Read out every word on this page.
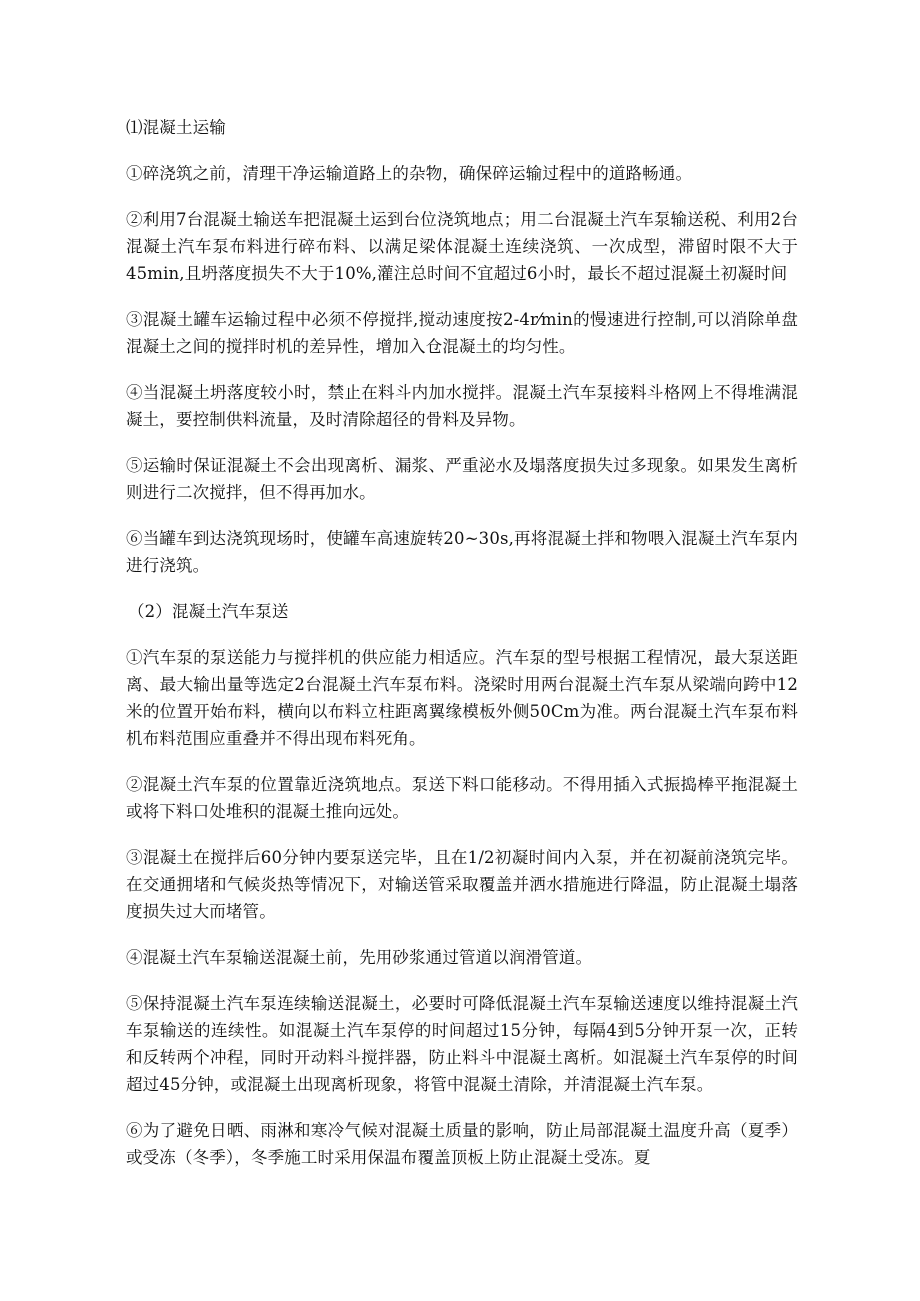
⑴混凝土运输

①碎浇筑之前，清理干净运输道路上的杂物，确保碎运输过程中的道路畅通。

②利用7台混凝土输送车把混凝土运到台位浇筑地点；用二台混凝土汽车泵输送税、利用2台混凝土汽车泵布料进行碎布料、以满足梁体混凝土连续浇筑、一次成型，滞留时限不大于45min,且坍落度损失不大于10%,灌注总时间不宜超过6小时，最长不超过混凝土初凝时间

③混凝土罐车运输过程中必须不停搅拌,搅动速度按2-4r⁄min的慢速进行控制,可以消除单盘混凝土之间的搅拌时机的差异性，增加入仓混凝土的均匀性。

④当混凝土坍落度较小时，禁止在料斗内加水搅拌。混凝土汽车泵接料斗格网上不得堆满混凝土，要控制供料流量，及时清除超径的骨料及异物。

⑤运输时保证混凝土不会出现离析、漏浆、严重泌水及塌落度损失过多现象。如果发生离析则进行二次搅拌，但不得再加水。

⑥当罐车到达浇筑现场时，使罐车高速旋转20~30s,再将混凝土拌和物喂入混凝土汽车泵内进行浇筑。

（2）混凝土汽车泵送

①汽车泵的泵送能力与搅拌机的供应能力相适应。汽车泵的型号根据工程情况，最大泵送距离、最大输出量等选定2台混凝土汽车泵布料。浇梁时用两台混凝土汽车泵从梁端向跨中12米的位置开始布料，横向以布料立柱距离翼缘模板外侧50Cm为准。两台混凝土汽车泵布料机布料范围应重叠并不得出现布料死角。

②混凝土汽车泵的位置靠近浇筑地点。泵送下料口能移动。不得用插入式振捣棒平拖混凝土或将下料口处堆积的混凝土推向远处。

③混凝土在搅拌后60分钟内要泵送完毕，且在1/2初凝时间内入泵，并在初凝前浇筑完毕。在交通拥堵和气候炎热等情况下，对输送管采取覆盖并洒水措施进行降温，防止混凝土塌落度损失过大而堵管。

④混凝土汽车泵输送混凝土前，先用砂浆通过管道以润滑管道。

⑤保持混凝土汽车泵连续输送混凝土，必要时可降低混凝土汽车泵输送速度以维持混凝土汽车泵输送的连续性。如混凝土汽车泵停的时间超过15分钟，每隔4到5分钟开泵一次，正转和反转两个冲程，同时开动料斗搅拌器，防止料斗中混凝土离析。如混凝土汽车泵停的时间超过45分钟，或混凝土出现离析现象，将管中混凝土清除，并清混凝土汽车泵。

⑥为了避免日晒、雨淋和寒冷气候对混凝土质量的影响，防止局部混凝土温度升高（夏季）或受冻（冬季），冬季施工时采用保温布覆盖顶板上防止混凝土受冻。夏
